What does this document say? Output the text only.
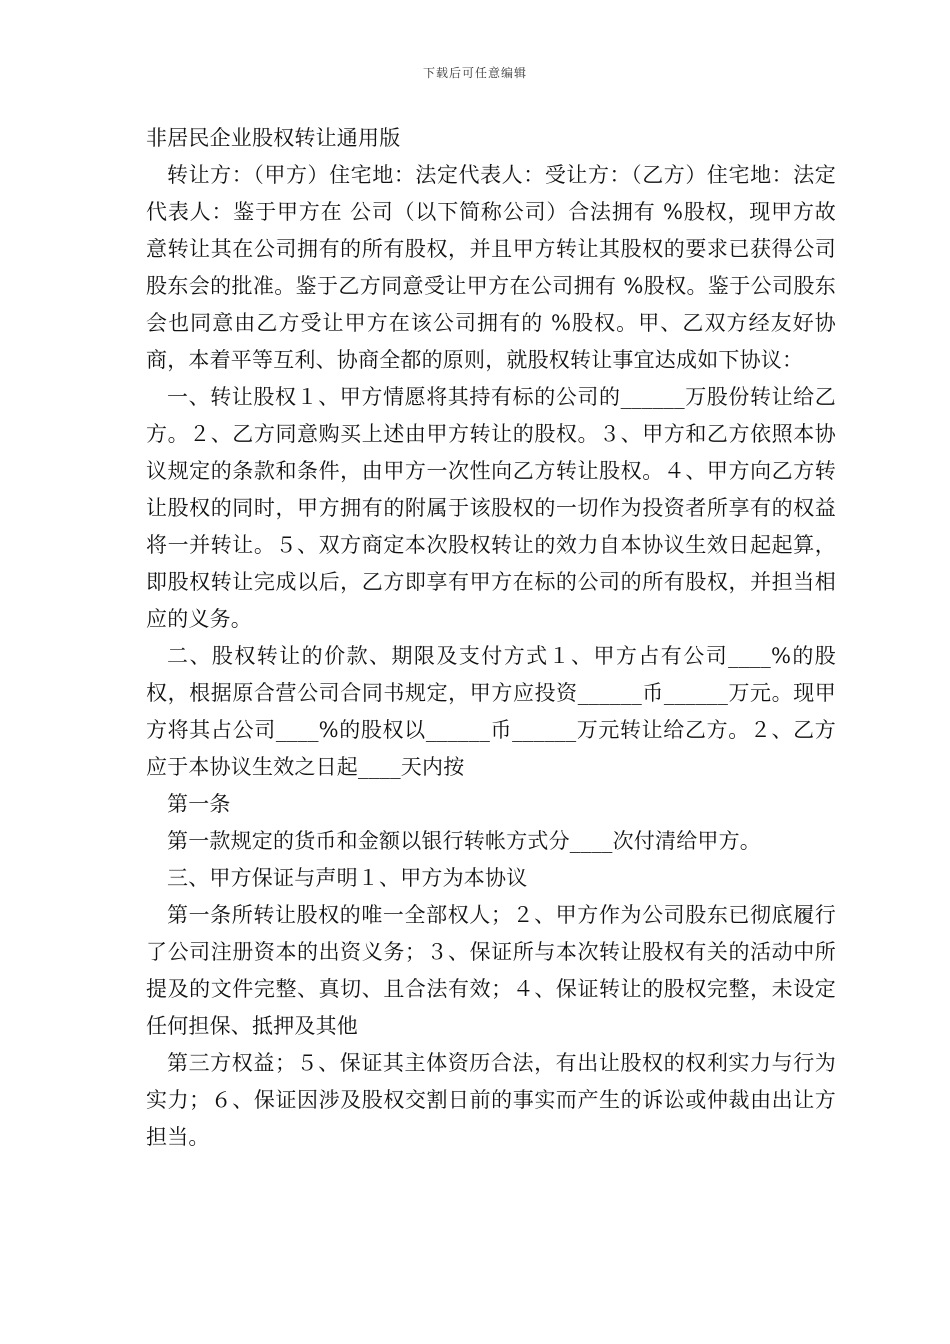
下载后可任意编辑

非居民企业股权转让通用版

转让方：（甲方）住宅地：法定代表人：受让方：（乙方）住宅地：法定代表人：鉴于甲方在 公司（以下简称公司）合法拥有 %股权，现甲方故意转让其在公司拥有的所有股权，并且甲方转让其股权的要求已获得公司股东会的批准。鉴于乙方同意受让甲方在公司拥有 %股权。鉴于公司股东会也同意由乙方受让甲方在该公司拥有的 %股权。甲、乙双方经友好协商，本着平等互利、协商全都的原则，就股权转让事宜达成如下协议：

一、转让股权１、甲方情愿将其持有标的公司的______万股份转让给乙方。２、乙方同意购买上述由甲方转让的股权。３、甲方和乙方依照本协议规定的条款和条件，由甲方一次性向乙方转让股权。４、甲方向乙方转让股权的同时，甲方拥有的附属于该股权的一切作为投资者所享有的权益将一并转让。５、双方商定本次股权转让的效力自本协议生效日起起算，即股权转让完成以后，乙方即享有甲方在标的公司的所有股权，并担当相应的义务。

二、股权转让的价款、期限及支付方式１、甲方占有公司____%的股权，根据原合营公司合同书规定，甲方应投资______币______万元。现甲方将其占公司____%的股权以______币______万元转让给乙方。２、乙方应于本协议生效之日起____天内按

第一条

第一款规定的货币和金额以银行转帐方式分____次付清给甲方。

三、甲方保证与声明１、甲方为本协议

第一条所转让股权的唯一全部权人；２、甲方作为公司股东已彻底履行了公司注册资本的出资义务；３、保证所与本次转让股权有关的活动中所提及的文件完整、真切、且合法有效；４、保证转让的股权完整，未设定任何担保、抵押及其他

第三方权益；５、保证其主体资历合法，有出让股权的权利实力与行为实力；６、保证因涉及股权交割日前的事实而产生的诉讼或仲裁由出让方担当。
